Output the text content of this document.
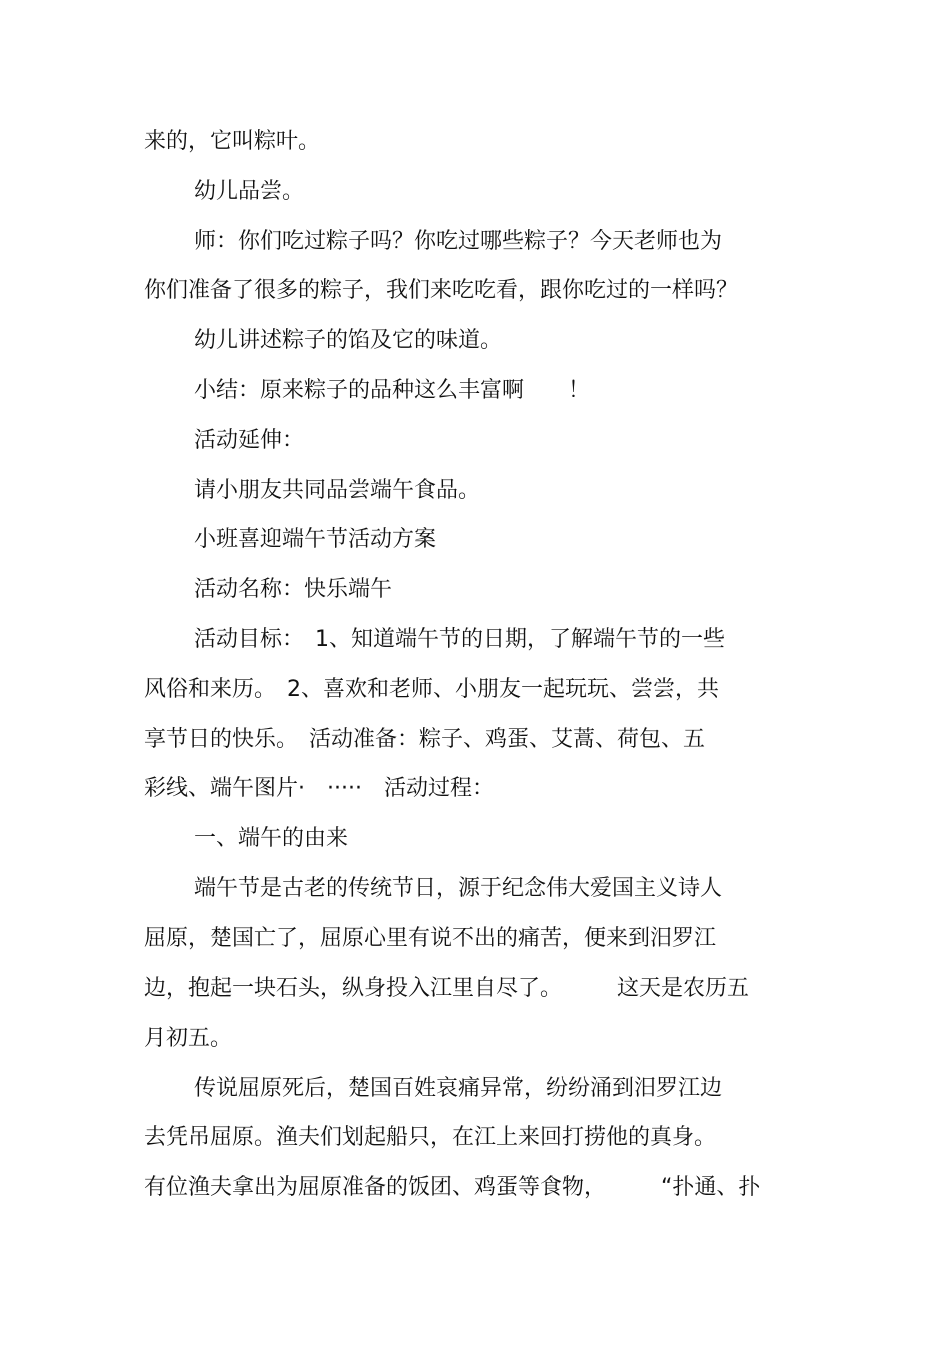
来的，它叫粽叶。
幼儿品尝。
师：你们吃过粽子吗？你吃过哪些粽子？今天老师也为
你们准备了很多的粽子，我们来吃吃看，跟你吃过的一样吗？
幼儿讲述粽子的馅及它的味道。
小结：原来粽子的品种这么丰富啊　　！
活动延伸：
请小朋友共同品尝端午食品。
小班喜迎端午节活动方案
活动名称：快乐端午
活动目标：　1、知道端午节的日期，了解端午节的一些
风俗和来历。　2、喜欢和老师、小朋友一起玩玩、尝尝，共
享节日的快乐。　活动准备：粽子、鸡蛋、艾蒿、荷包、五
彩线、端午图片·　·····　活动过程：
一、端午的由来
端午节是古老的传统节日，源于纪念伟大爱国主义诗人
屈原，楚国亡了，屈原心里有说不出的痛苦，便来到汨罗江
边，抱起一块石头，纵身投入江里自尽了。　　　这天是农历五
月初五。
传说屈原死后，楚国百姓哀痛异常，纷纷涌到汨罗江边
去凭吊屈原。渔夫们划起船只，在江上来回打捞他的真身。
有位渔夫拿出为屈原准备的饭团、鸡蛋等食物，　　　“扑通、扑
